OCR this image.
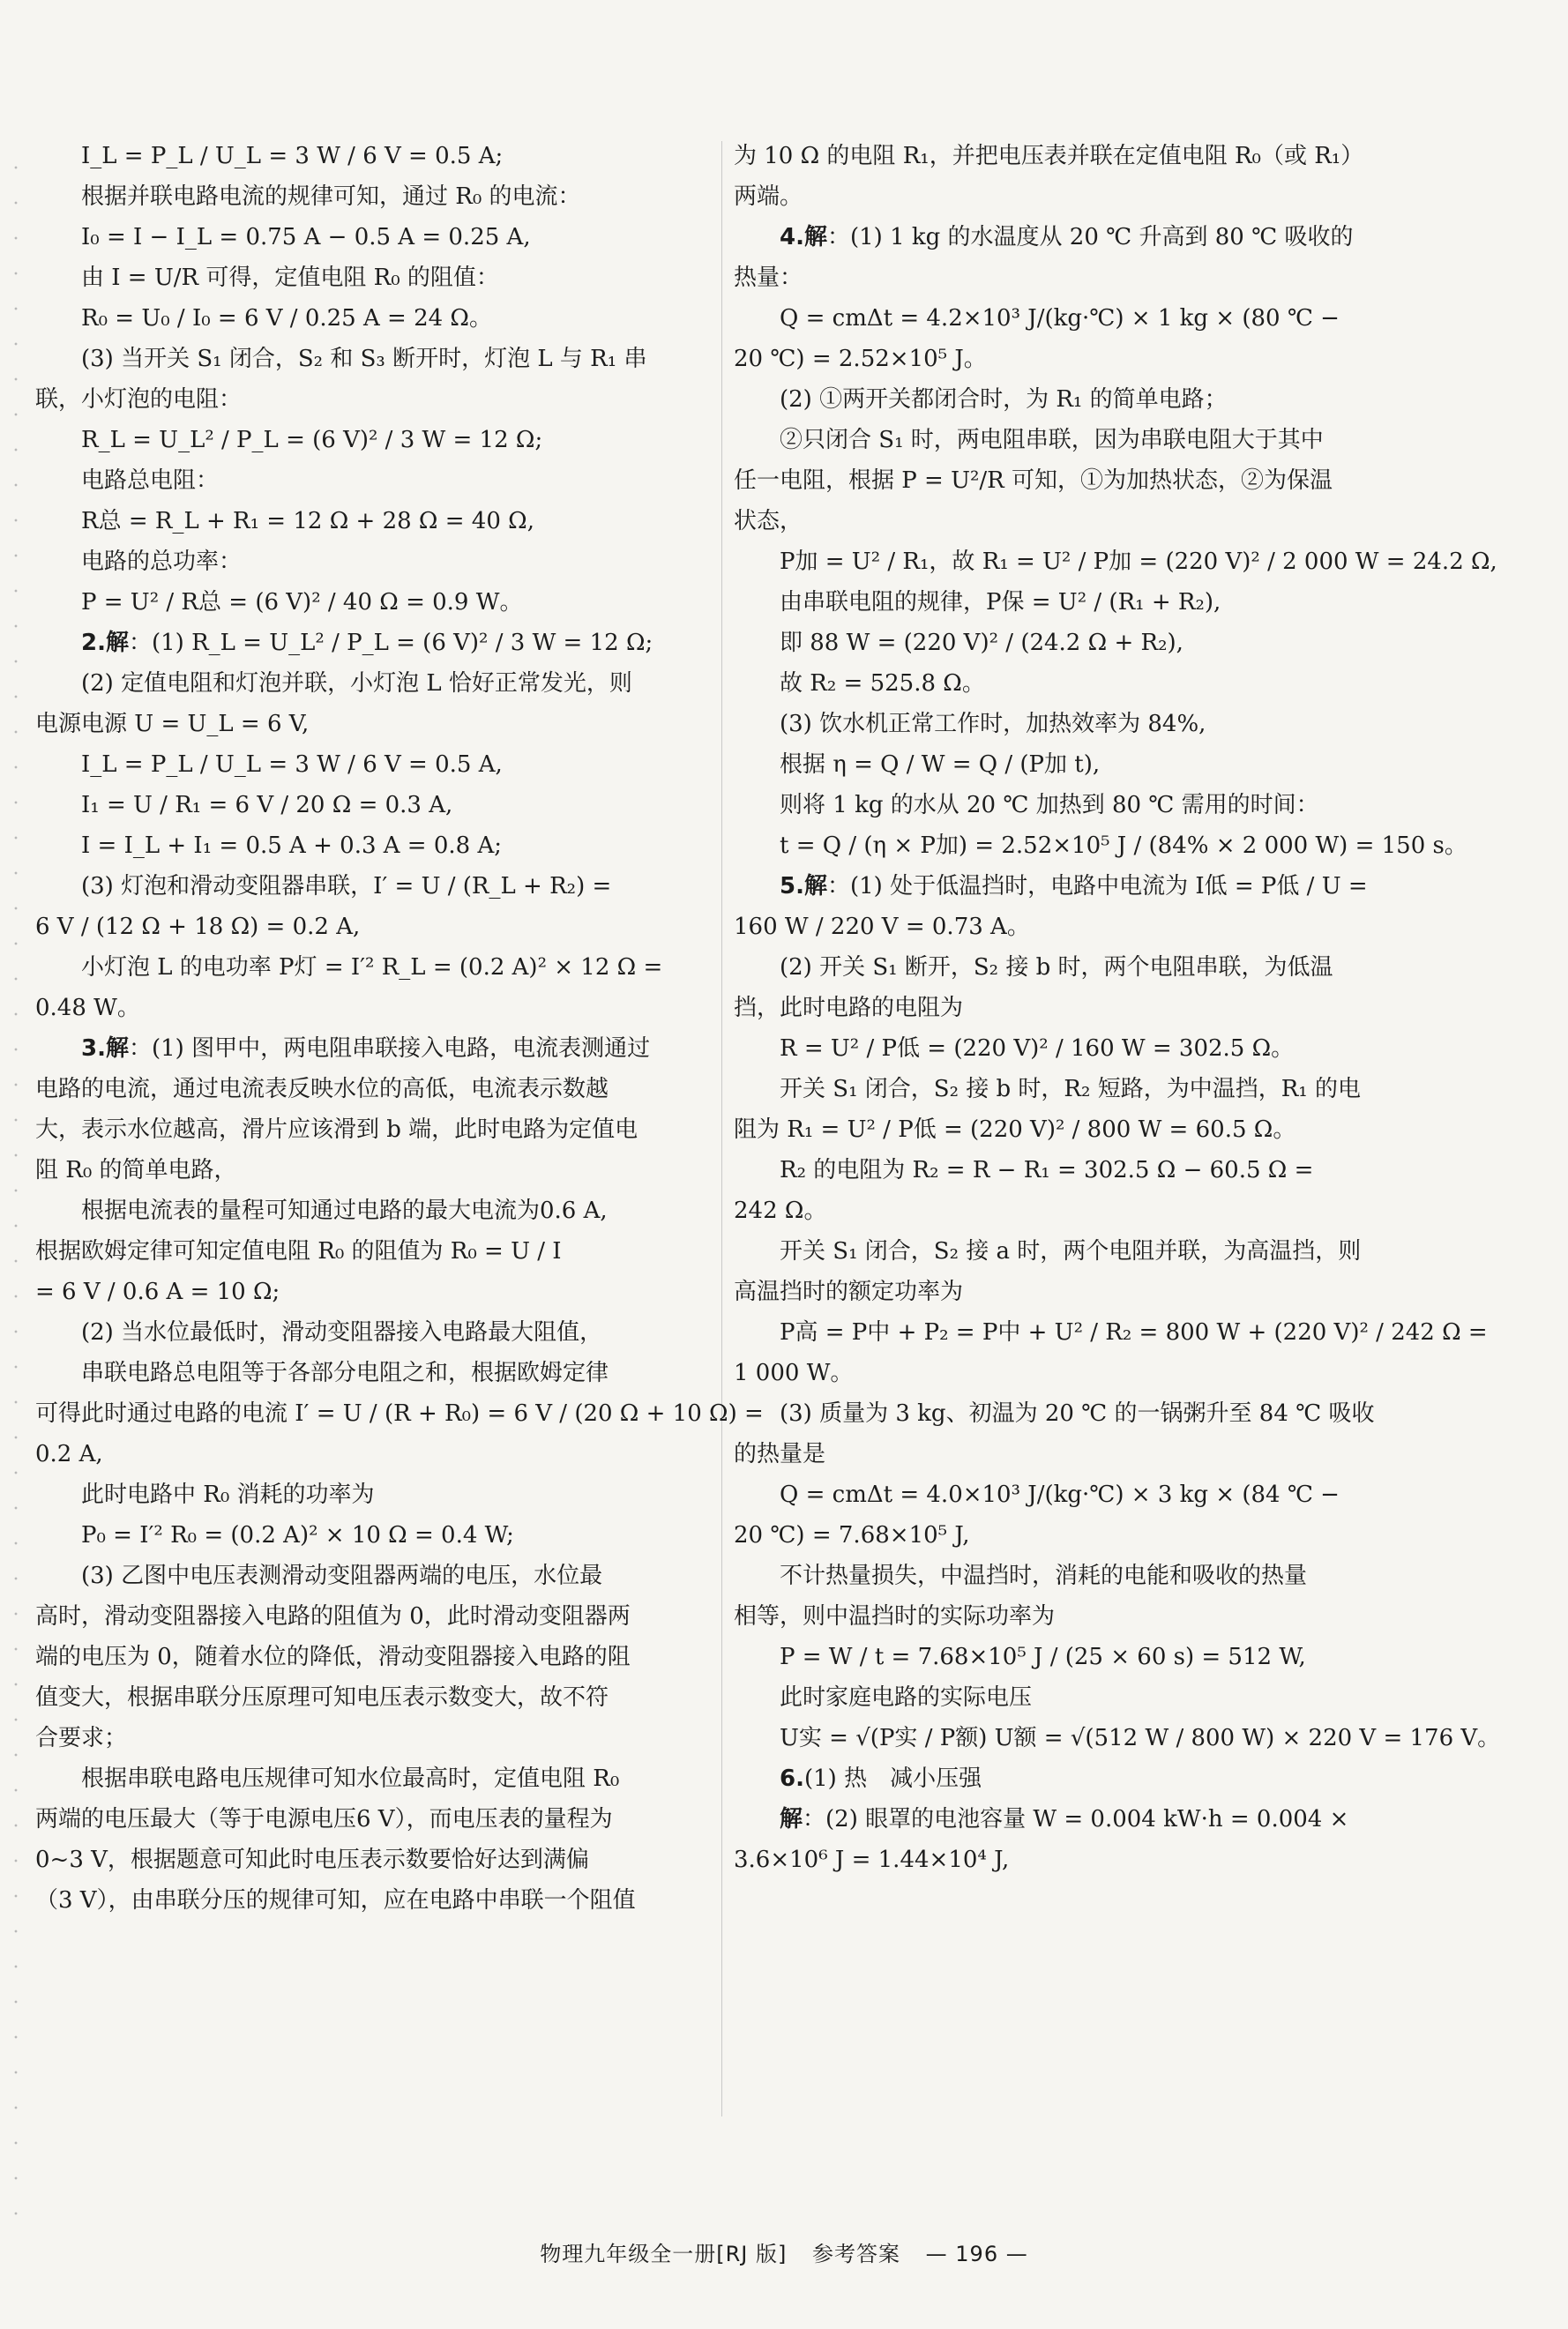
I_L = P_L / U_L = 3 W / 6 V = 0.5 A;
根据并联电路电流的规律可知，通过 R₀ 的电流：
I₀ = I − I_L = 0.75 A − 0.5 A = 0.25 A,
由 I = U/R 可得，定值电阻 R₀ 的阻值：
R₀ = U₀ / I₀ = 6 V / 0.25 A = 24 Ω。
(3) 当开关 S₁ 闭合，S₂ 和 S₃ 断开时，灯泡 L 与 R₁ 串
联，小灯泡的电阻：
R_L = U_L² / P_L = (6 V)² / 3 W = 12 Ω;
电路总电阻：
R总 = R_L + R₁ = 12 Ω + 28 Ω = 40 Ω,
电路的总功率：
P = U² / R总 = (6 V)² / 40 Ω = 0.9 W。
2.解：(1) R_L = U_L² / P_L = (6 V)² / 3 W = 12 Ω;
(2) 定值电阻和灯泡并联，小灯泡 L 恰好正常发光，则
电源电源 U = U_L = 6 V,
I_L = P_L / U_L = 3 W / 6 V = 0.5 A,
I₁ = U / R₁ = 6 V / 20 Ω = 0.3 A,
I = I_L + I₁ = 0.5 A + 0.3 A = 0.8 A;
(3) 灯泡和滑动变阻器串联，I′ = U / (R_L + R₂) =
6 V / (12 Ω + 18 Ω) = 0.2 A,
小灯泡 L 的电功率 P灯 = I′² R_L = (0.2 A)² × 12 Ω =
0.48 W。
3.解：(1) 图甲中，两电阻串联接入电路，电流表测通过
电路的电流，通过电流表反映水位的高低，电流表示数越
大，表示水位越高，滑片应该滑到 b 端，此时电路为定值电
阻 R₀ 的简单电路，
根据电流表的量程可知通过电路的最大电流为0.6 A,
根据欧姆定律可知定值电阻 R₀ 的阻值为 R₀ = U / I
= 6 V / 0.6 A = 10 Ω;
(2) 当水位最低时，滑动变阻器接入电路最大阻值，
串联电路总电阻等于各部分电阻之和，根据欧姆定律
可得此时通过电路的电流 I′ = U / (R + R₀) = 6 V / (20 Ω + 10 Ω) =
0.2 A,
此时电路中 R₀ 消耗的功率为
P₀ = I′² R₀ = (0.2 A)² × 10 Ω = 0.4 W;
(3) 乙图中电压表测滑动变阻器两端的电压，水位最
高时，滑动变阻器接入电路的阻值为 0，此时滑动变阻器两
端的电压为 0，随着水位的降低，滑动变阻器接入电路的阻
值变大，根据串联分压原理可知电压表示数变大，故不符
合要求；
根据串联电路电压规律可知水位最高时，定值电阻 R₀
两端的电压最大（等于电源电压6 V），而电压表的量程为
0~3 V，根据题意可知此时电压表示数要恰好达到满偏
（3 V），由串联分压的规律可知，应在电路中串联一个阻值
为 10 Ω 的电阻 R₁，并把电压表并联在定值电阻 R₀（或 R₁）
两端。
4.解：(1) 1 kg 的水温度从 20 ℃ 升高到 80 ℃ 吸收的
热量：
Q = cmΔt = 4.2×10³ J/(kg·℃) × 1 kg × (80 ℃ −
20 ℃) = 2.52×10⁵ J。
(2) ①两开关都闭合时，为 R₁ 的简单电路；
②只闭合 S₁ 时，两电阻串联，因为串联电阻大于其中
任一电阻，根据 P = U²/R 可知，①为加热状态，②为保温
状态，
P加 = U² / R₁，故 R₁ = U² / P加 = (220 V)² / 2 000 W = 24.2 Ω,
由串联电阻的规律，P保 = U² / (R₁ + R₂),
即 88 W = (220 V)² / (24.2 Ω + R₂),
故 R₂ = 525.8 Ω。
(3) 饮水机正常工作时，加热效率为 84%,
根据 η = Q / W = Q / (P加 t),
则将 1 kg 的水从 20 ℃ 加热到 80 ℃ 需用的时间：
t = Q / (η × P加) = 2.52×10⁵ J / (84% × 2 000 W) = 150 s。
5.解：(1) 处于低温挡时，电路中电流为 I低 = P低 / U =
160 W / 220 V = 0.73 A。
(2) 开关 S₁ 断开，S₂ 接 b 时，两个电阻串联，为低温
挡，此时电路的电阻为
R = U² / P低 = (220 V)² / 160 W = 302.5 Ω。
开关 S₁ 闭合，S₂ 接 b 时，R₂ 短路，为中温挡，R₁ 的电
阻为 R₁ = U² / P低 = (220 V)² / 800 W = 60.5 Ω。
R₂ 的电阻为 R₂ = R − R₁ = 302.5 Ω − 60.5 Ω =
242 Ω。
开关 S₁ 闭合，S₂ 接 a 时，两个电阻并联，为高温挡，则
高温挡时的额定功率为
P高 = P中 + P₂ = P中 + U² / R₂ = 800 W + (220 V)² / 242 Ω =
1 000 W。
(3) 质量为 3 kg、初温为 20 ℃ 的一锅粥升至 84 ℃ 吸收
的热量是
Q = cmΔt = 4.0×10³ J/(kg·℃) × 3 kg × (84 ℃ −
20 ℃) = 7.68×10⁵ J,
不计热量损失，中温挡时，消耗的电能和吸收的热量
相等，则中温挡时的实际功率为
P = W / t = 7.68×10⁵ J / (25 × 60 s) = 512 W,
此时家庭电路的实际电压
U实 = √(P实 / P额) U额 = √(512 W / 800 W) × 220 V = 176 V。
6.(1) 热　减小压强
解：(2) 眼罩的电池容量 W = 0.004 kW·h = 0.004 ×
3.6×10⁶ J = 1.44×10⁴ J,
物理九年级全一册[RJ 版] 参考答案 — 196 —
